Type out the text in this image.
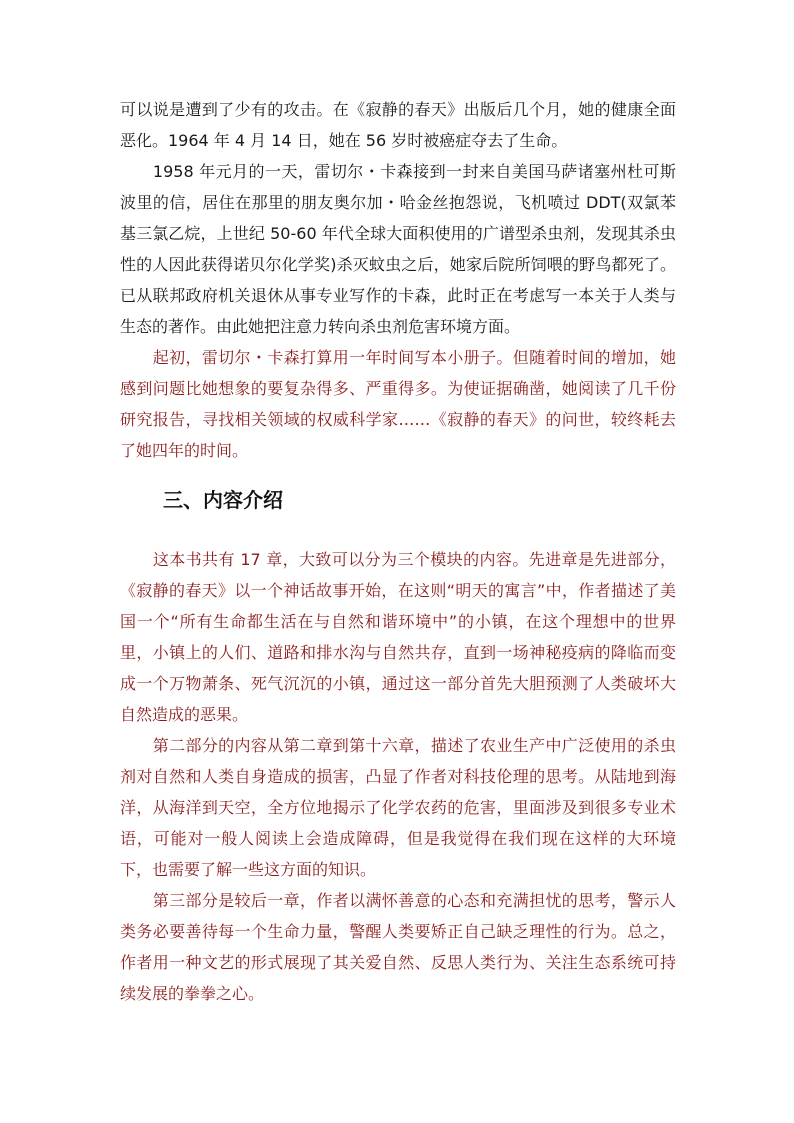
可以说是遭到了少有的攻击。在《寂静的春天》出版后几个月，她的健康全面恶化。1964 年 4 月 14 日，她在 56 岁时被癌症夺去了生命。

　　1958 年元月的一天，雷切尔・卡森接到一封来自美国马萨诸塞州杜可斯波里的信，居住在那里的朋友奥尔加・哈金丝抱怨说，飞机喷过 DDT(双氯苯基三氯乙烷，上世纪 50-60 年代全球大面积使用的广谱型杀虫剂，发现其杀虫性的人因此获得诺贝尔化学奖)杀灭蚊虫之后，她家后院所饲喂的野鸟都死了。已从联邦政府机关退休从事专业写作的卡森，此时正在考虑写一本关于人类与生态的著作。由此她把注意力转向杀虫剂危害环境方面。

　　起初，雷切尔・卡森打算用一年时间写本小册子。但随着时间的增加，她感到问题比她想象的要复杂得多、严重得多。为使证据确凿，她阅读了几千份研究报告，寻找相关领域的权威科学家……《寂静的春天》的问世，较终耗去了她四年的时间。

三、内容介绍

　　这本书共有 17 章，大致可以分为三个模块的内容。先进章是先进部分，《寂静的春天》以一个神话故事开始，在这则“明天的寓言”中，作者描述了美国一个“所有生命都生活在与自然和谐环境中”的小镇，在这个理想中的世界里，小镇上的人们、道路和排水沟与自然共存，直到一场神秘疫病的降临而变成一个万物萧条、死气沉沉的小镇，通过这一部分首先大胆预测了人类破坏大自然造成的恶果。

　　第二部分的内容从第二章到第十六章，描述了农业生产中广泛使用的杀虫剂对自然和人类自身造成的损害，凸显了作者对科技伦理的思考。从陆地到海洋，从海洋到天空，全方位地揭示了化学农药的危害，里面涉及到很多专业术语，可能对一般人阅读上会造成障碍，但是我觉得在我们现在这样的大环境下，也需要了解一些这方面的知识。

　　第三部分是较后一章，作者以满怀善意的心态和充满担忧的思考，警示人类务必要善待每一个生命力量，警醒人类要矫正自己缺乏理性的行为。总之，作者用一种文艺的形式展现了其关爱自然、反思人类行为、关注生态系统可持续发展的拳拳之心。
